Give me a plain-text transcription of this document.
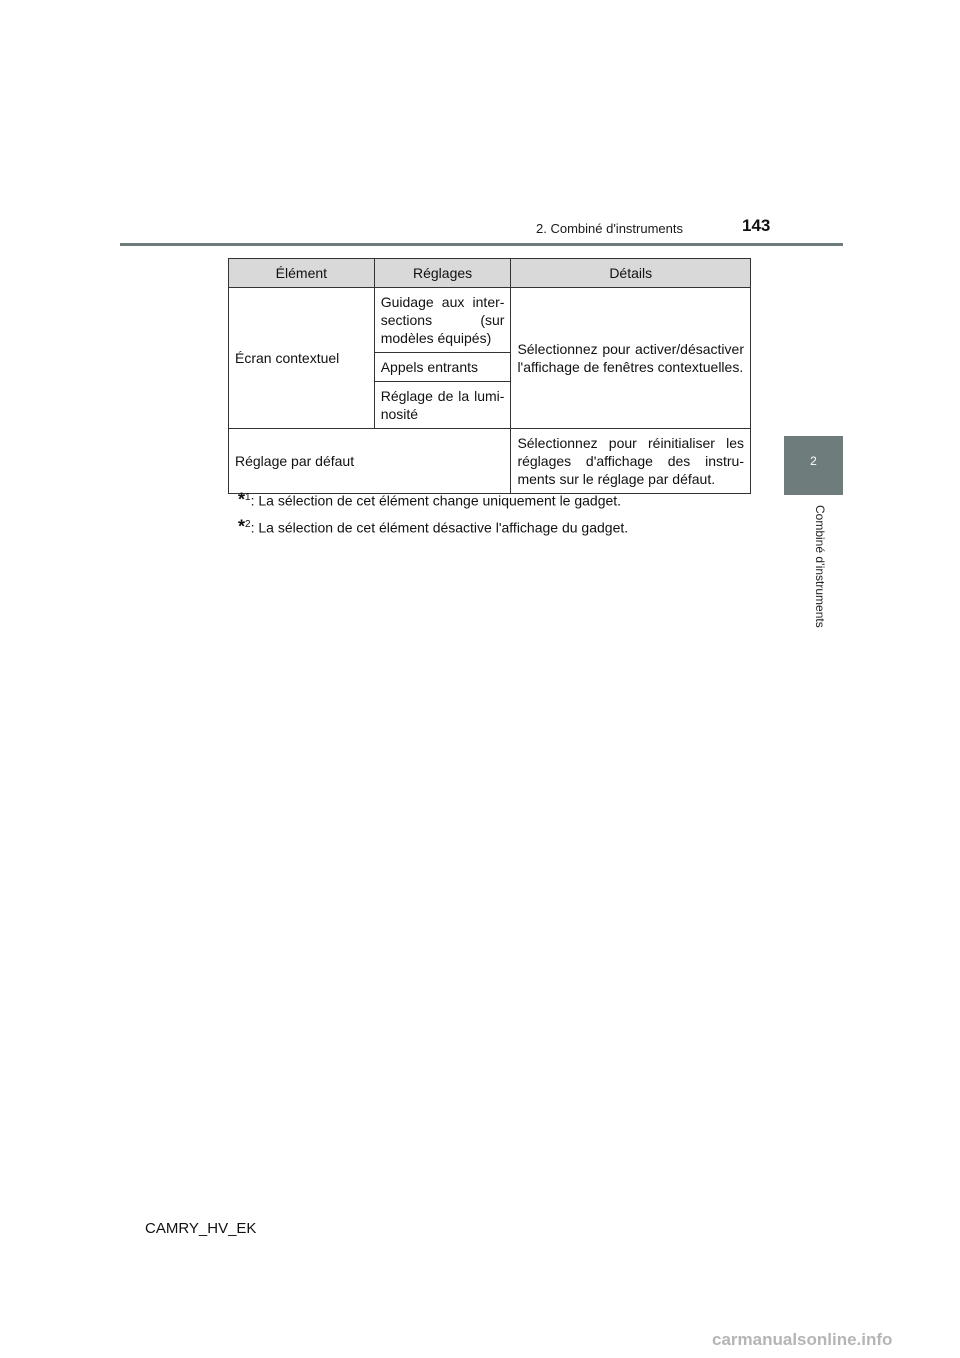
2. Combiné d'instruments	143
2
Combiné d’instruments
Élément	Réglages	Détails
Écran contextuel	Guidage aux inter-sections (sur modèles équipés)	Sélectionnez pour activer/désactiver l'affichage de fenêtres contextuelles.
	Appels entrants	
	Réglage de la lumi-nosité	
Réglage par défaut		Sélectionnez pour réinitialiser les réglages d'affichage des instru-ments sur le réglage par défaut.
*$^1$: La sélection de cet élément change uniquement le gadget.
*$^2$: La sélection de cet élément désactive l'affichage du gadget.
CAMRY_HV_EK
carmanualsonline.info
